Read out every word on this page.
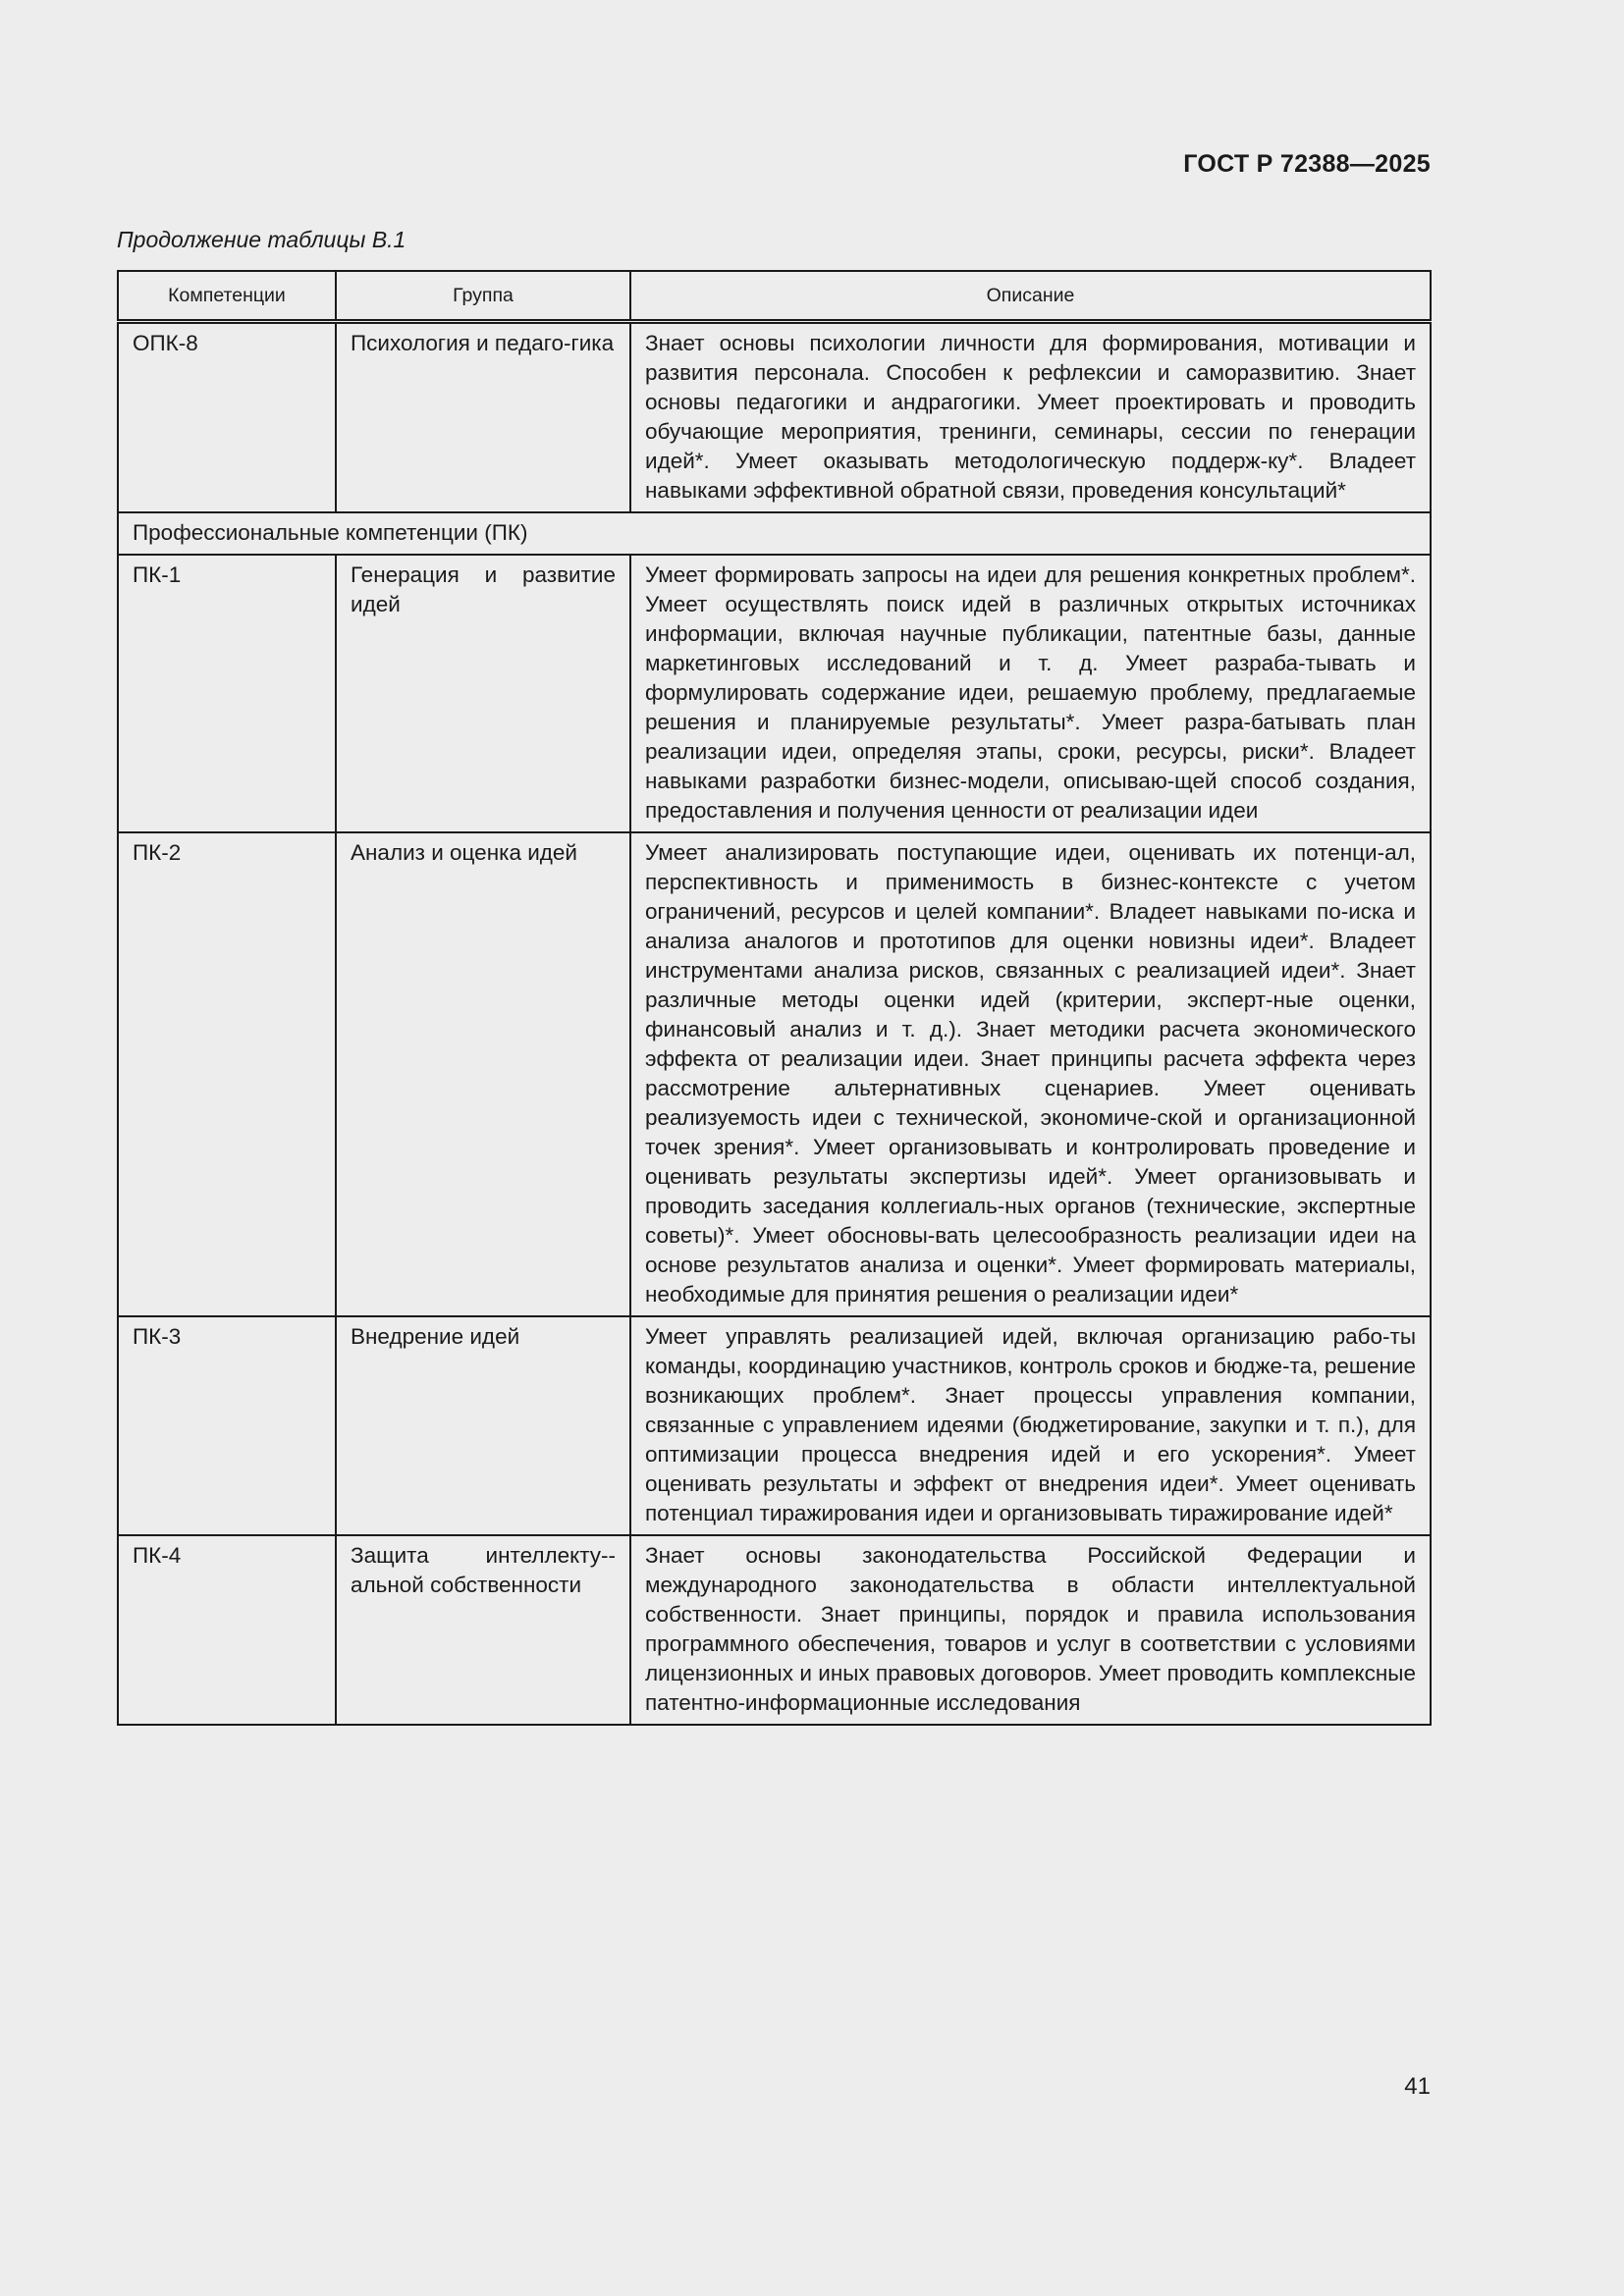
ГОСТ Р 72388—2025
Продолжение таблицы В.1
Компетенции	Группа	Описание
ОПК-8	Психология и педаго-гика	Знает основы психологии личности для формирования, мотивации и развития персонала. Способен к рефлексии и саморазвитию. Знает основы педагогики и андрагогики. Умеет проектировать и проводить обучающие мероприятия, тренинги, семинары, сессии по генерации идей*. Умеет оказывать методологическую поддерж-ку*. Владеет навыками эффективной обратной связи, проведения консультаций*
Профессиональные компетенции (ПК)		
ПК-1	Генерация и развитие идей	Умеет формировать запросы на идеи для решения конкретных проблем*. Умеет осуществлять поиск идей в различных открытых источниках информации, включая научные публикации, патентные базы, данные маркетинговых исследований и т. д. Умеет разраба-тывать и формулировать содержание идеи, решаемую проблему, предлагаемые решения и планируемые результаты*. Умеет разра-батывать план реализации идеи, определяя этапы, сроки, ресурсы, риски*. Владеет навыками разработки бизнес-модели, описываю-щей способ создания, предоставления и получения ценности от реализации идеи
ПК-2	Анализ и оценка идей	Умеет анализировать поступающие идеи, оценивать их потенци-ал, перспективность и применимость в бизнес-контексте с учетом ограничений, ресурсов и целей компании*. Владеет навыками по-иска и анализа аналогов и прототипов для оценки новизны идеи*. Владеет инструментами анализа рисков, связанных с реализацией идеи*. Знает различные методы оценки идей (критерии, эксперт-ные оценки, финансовый анализ и т. д.). Знает методики расчета экономического эффекта от реализации идеи. Знает принципы расчета эффекта через рассмотрение альтернативных сценариев. Умеет оценивать реализуемость идеи с технической, экономиче-ской и организационной точек зрения*. Умеет организовывать и контролировать проведение и оценивать результаты экспертизы идей*. Умеет организовывать и проводить заседания коллегиаль-ных органов (технические, экспертные советы)*. Умеет обосновы-вать целесообразность реализации идеи на основе результатов анализа и оценки*. Умеет формировать материалы, необходимые для принятия решения о реализации идеи*
ПК-3	Внедрение идей	Умеет управлять реализацией идей, включая организацию рабо-ты команды, координацию участников, контроль сроков и бюдже-та, решение возникающих проблем*. Знает процессы управления компании, связанные с управлением идеями (бюджетирование, закупки и т. п.), для оптимизации процесса внедрения идей и его ускорения*. Умеет оценивать результаты и эффект от внедрения идеи*. Умеет оценивать потенциал тиражирования идеи и организовывать тиражирование идей*
ПК-4	Защита интеллекту-альной собственности	Знает основы законодательства Российской Федерации и международного законодательства в области интеллектуальной собственности. Знает принципы, порядок и правила использования программного обеспечения, товаров и услуг в соответствии с условиями лицензионных и иных правовых договоров. Умеет проводить комплексные патентно-информационные исследования
41
